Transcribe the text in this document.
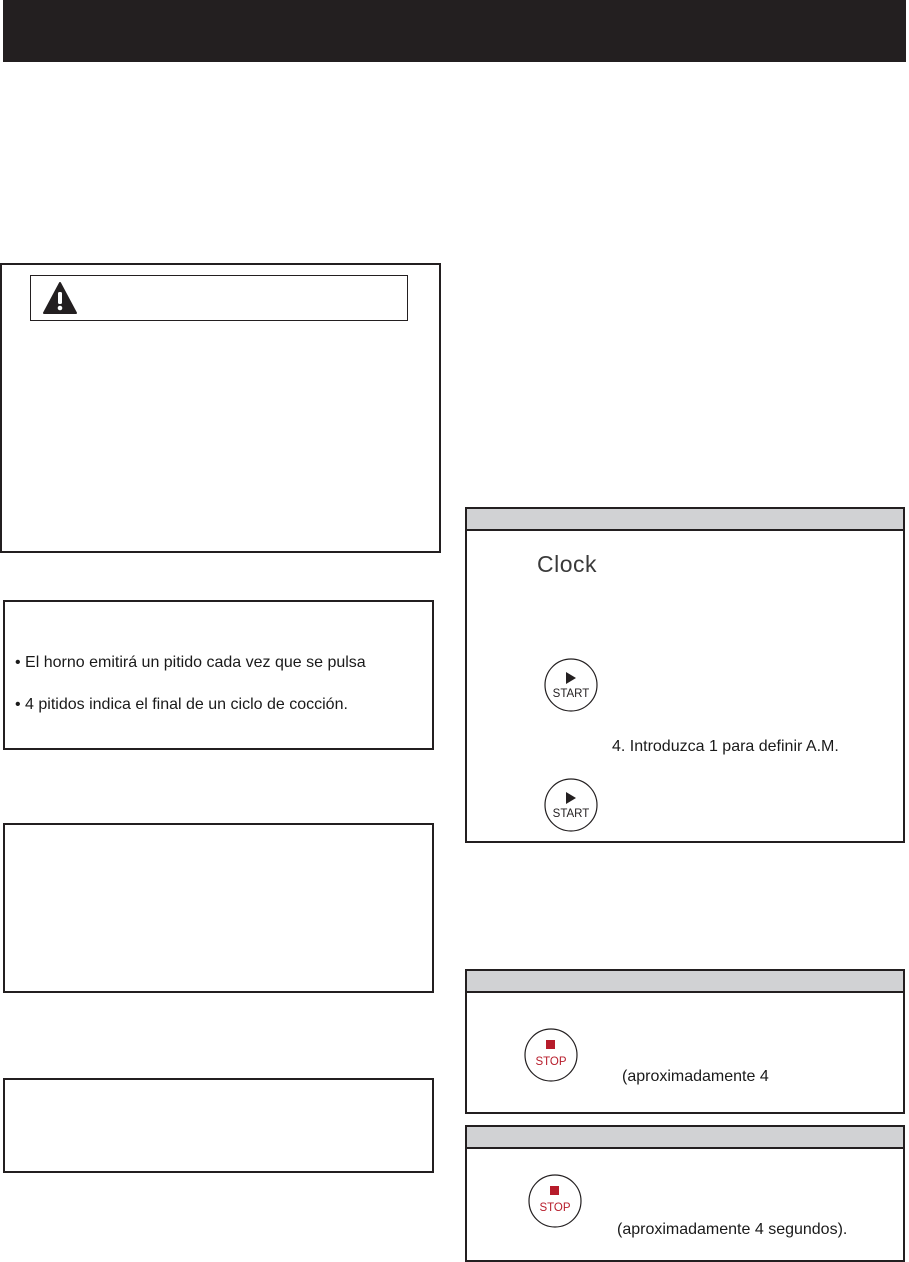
• El horno emitirá un pitido cada vez que se pulsa
• 4 pitidos indica el final de un ciclo de cocción.
Clock
START
4. Introduzca 1 para definir A.M.
START
STOP
(aproximadamente 4
STOP
(aproximadamente 4 segundos).
